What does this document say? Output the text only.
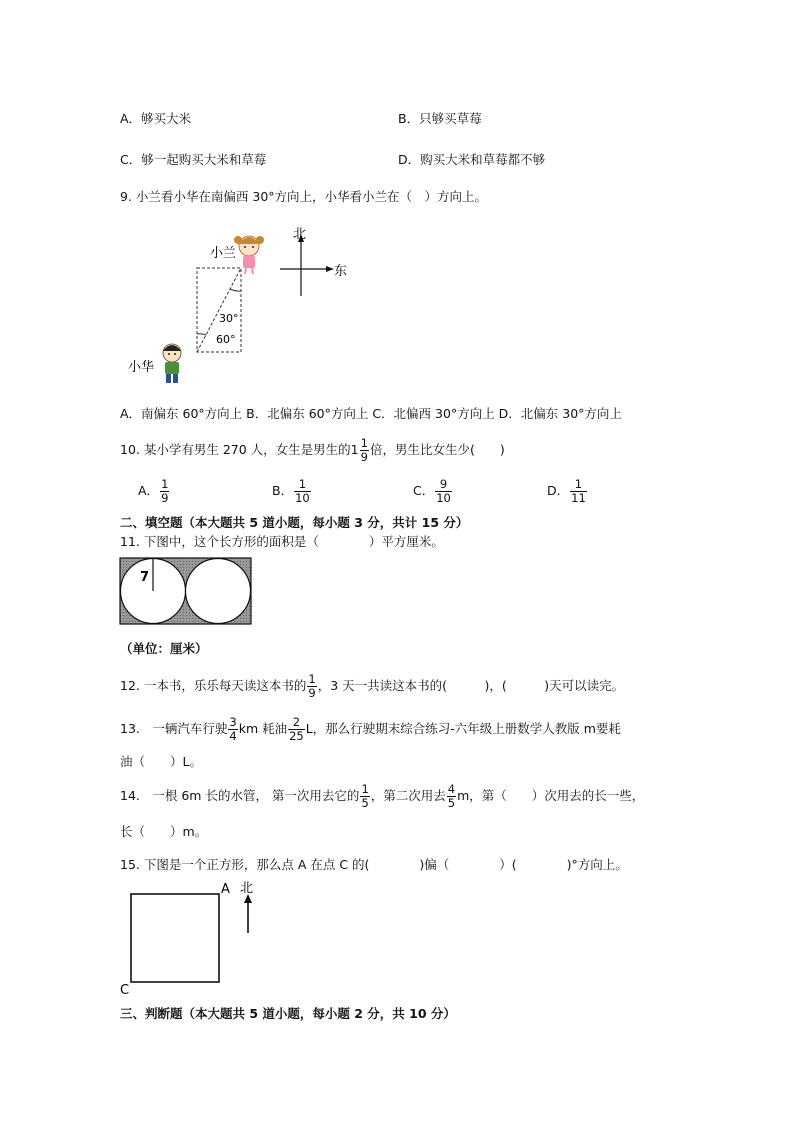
A．够买大米	B．只够买草莓
C．够一起购买大米和草莓	D．购买大米和草莓都不够
9. 小兰看小华在南偏西 30°方向上，小华看小兰在（　）方向上。
30°
60°
北
东
小兰
小华
A．南偏东 60°方向上 B．北偏东 60°方向上 C．北偏西 30°方向上 D．北偏东 30°方向上
10. 某小学有男生 270 人，女生是男生的$1 \frac{1}{9}$ 倍，男生比女生少(　　)
A． $\frac{1}{9}$	B． $\frac{1}{10}$	C． $\frac{9}{10}$	D． $\frac{1}{11}$
二、填空题（本大题共 5 道小题，每小题 3 分，共计 15 分）
11. 下图中，这个长方形的面积是（　　　　）平方厘米。
7
（单位：厘米）
12. 一本书，乐乐每天读这本书的 $\frac{1}{9}$ ，3 天一共读这本书的(　　　)，(　　　)天可以读完。
13.　一辆汽车行驶 $\frac{3}{4}$ km 耗油 $\frac{2}{25}$ L，那么行驶期末综合练习-六年级上册数学人教版 m要耗
油（　　）L。
14.　一根 6m 长的水管， 第一次用去它的 $\frac{1}{5}$ ，第二次用去 $\frac{4}{5}$ m，第（　　）次用去的长一些，
长（　　）m。
15. 下图是一个正方形，那么点 A 在点 C 的(　　　　)偏（　　　　）(　　　　)°方向上。
A
C
北
三、判断题（本大题共 5 道小题，每小题 2 分，共 10 分）
